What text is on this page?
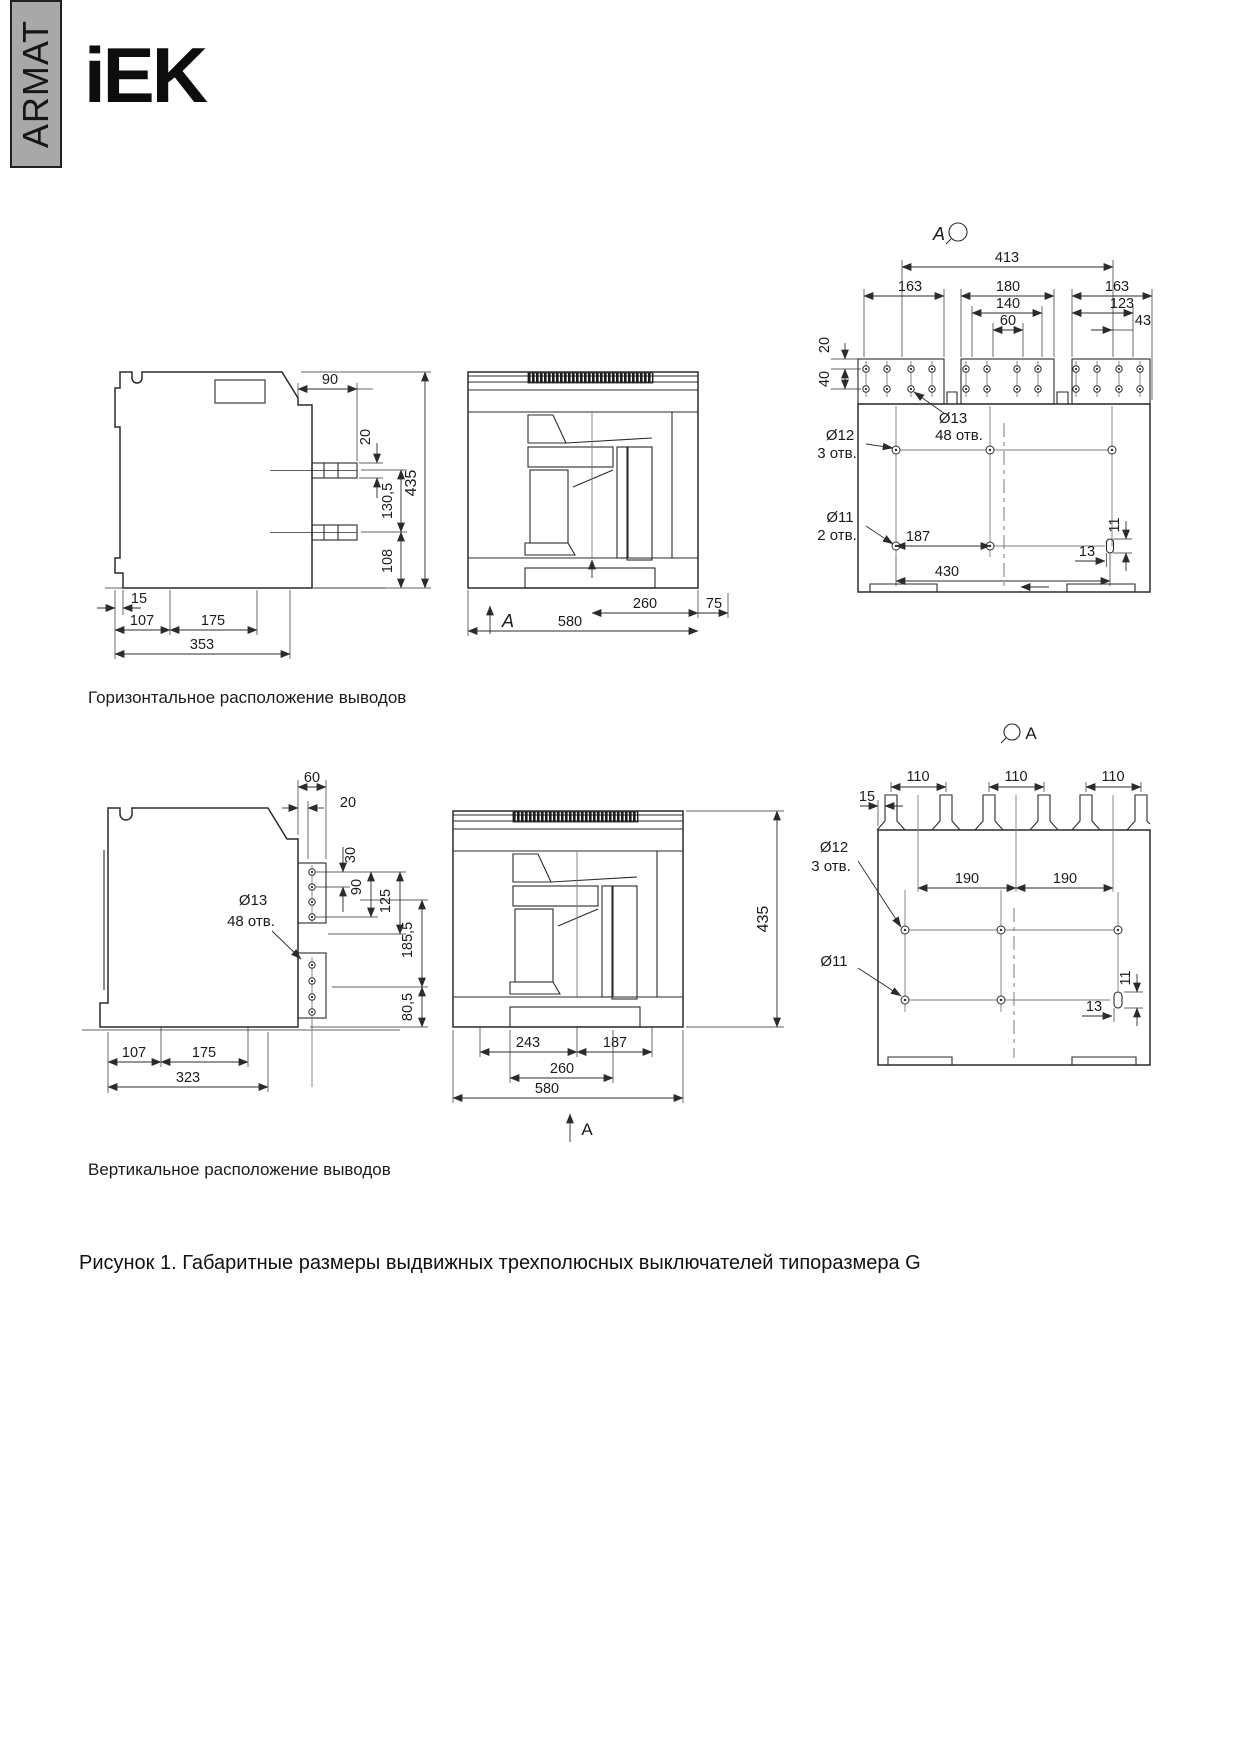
ARMAT iEK
90
20
130,5
108
435
15
107	175
353
260	75
580
A
A
413
163	180	163
140	123
60	43
20
40
Ø13
48 отв.
Ø12
3 отв.
Ø11
2 отв.	187
430
11
13
Горизонтальное расположение выводов
60
20
30
90
125
185,5
80,5
Ø13
48 отв.
107	175
323
435
243	187
260
580
A
A
110	110	110
15
190	190
Ø12
3 отв.
Ø11
11
13
Вертикальное расположение выводов
Рисунок 1. Габаритные размеры выдвижных трехполюсных выключателей типоразмера G
